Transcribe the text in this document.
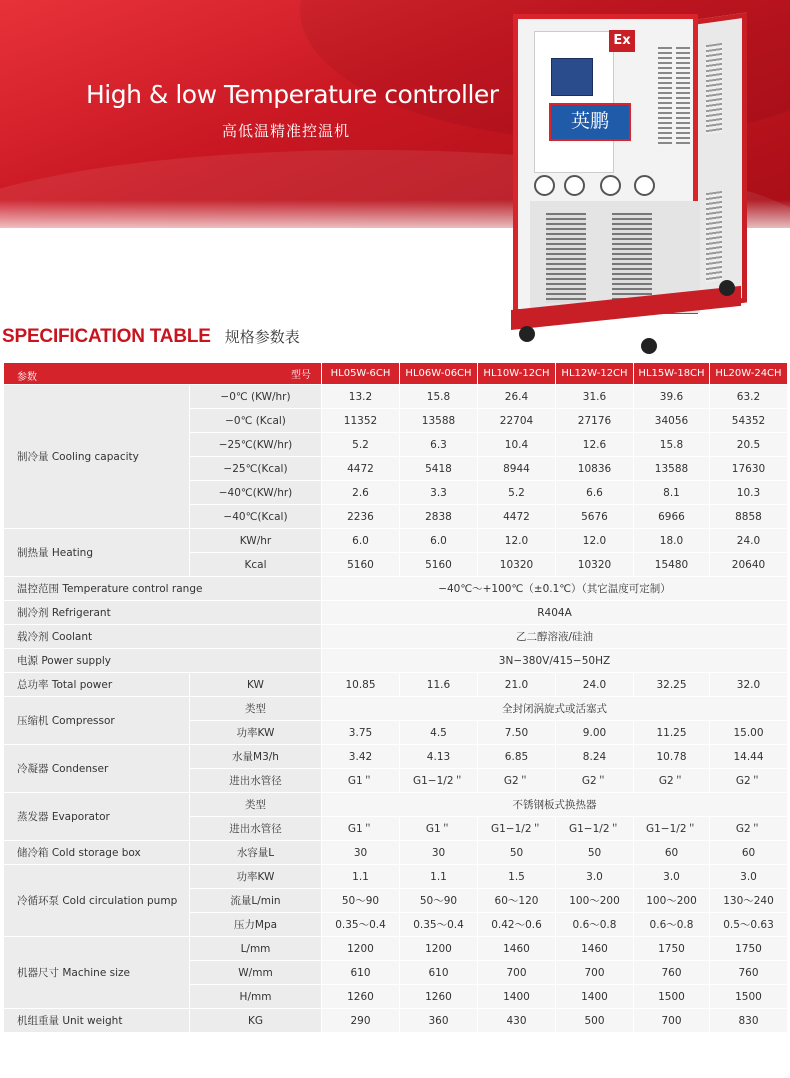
High & low Temperature controller
高低温精准控温机	英鹏
Ex
SPECIFICATION TABLE 规格参数表
参数 型号		HL05W-6CH	HL06W-06CH	HL10W-12CH	HL12W-12CH	HL15W-18CH	HL20W-24CH
制冷量 Cooling capacity	−0℃ (KW/hr)	13.2	15.8	26.4	31.6	39.6	63.2
	−0℃ (Kcal)	11352	13588	22704	27176	34056	54352
	−25℃(KW/hr)	5.2	6.3	10.4	12.6	15.8	20.5
	−25℃(Kcal)	4472	5418	8944	10836	13588	17630
	−40℃(KW/hr)	2.6	3.3	5.2	6.6	8.1	10.3
	−40℃(Kcal)	2236	2838	4472	5676	6966	8858
制热量 Heating	KW/hr	6.0	6.0	12.0	12.0	18.0	24.0
	Kcal	5160	5160	10320	10320	15480	20640
温控范围 Temperature control range		−40℃～+100℃（±0.1℃）（其它温度可定制）					
制冷剂 Refrigerant		R404A					
载冷剂 Coolant		乙二醇溶液/硅油					
电源 Power supply		3N−380V/415−50HZ					
总功率 Total power	KW	10.85	11.6	21.0	24.0	32.25	32.0
压缩机 Compressor	类型	全封闭涡旋式或活塞式					
	功率KW	3.75	4.5	7.50	9.00	11.25	15.00
冷凝器 Condenser	水量M3/h	3.42	4.13	6.85	8.24	10.78	14.44
	进出水管径	G1＂	G1−1/2＂	G2＂	G2＂	G2＂	G2＂
蒸发器 Evaporator	类型	不锈钢板式换热器					
	进出水管径	G1＂	G1＂	G1−1/2＂	G1−1/2＂	G1−1/2＂	G2＂
储冷箱 Cold storage box	水容量L	30	30	50	50	60	60
冷循环泵 Cold circulation pump	功率KW	1.1	1.1	1.5	3.0	3.0	3.0
	流量L/min	50～90	50～90	60～120	100～200	100～200	130～240
	压力Mpa	0.35～0.4	0.35～0.4	0.42～0.6	0.6～0.8	0.6～0.8	0.5～0.63
机器尺寸 Machine size	L/mm	1200	1200	1460	1460	1750	1750
	W/mm	610	610	700	700	760	760
	H/mm	1260	1260	1400	1400	1500	1500
机组重量 Unit weight	KG	290	360	430	500	700	830
